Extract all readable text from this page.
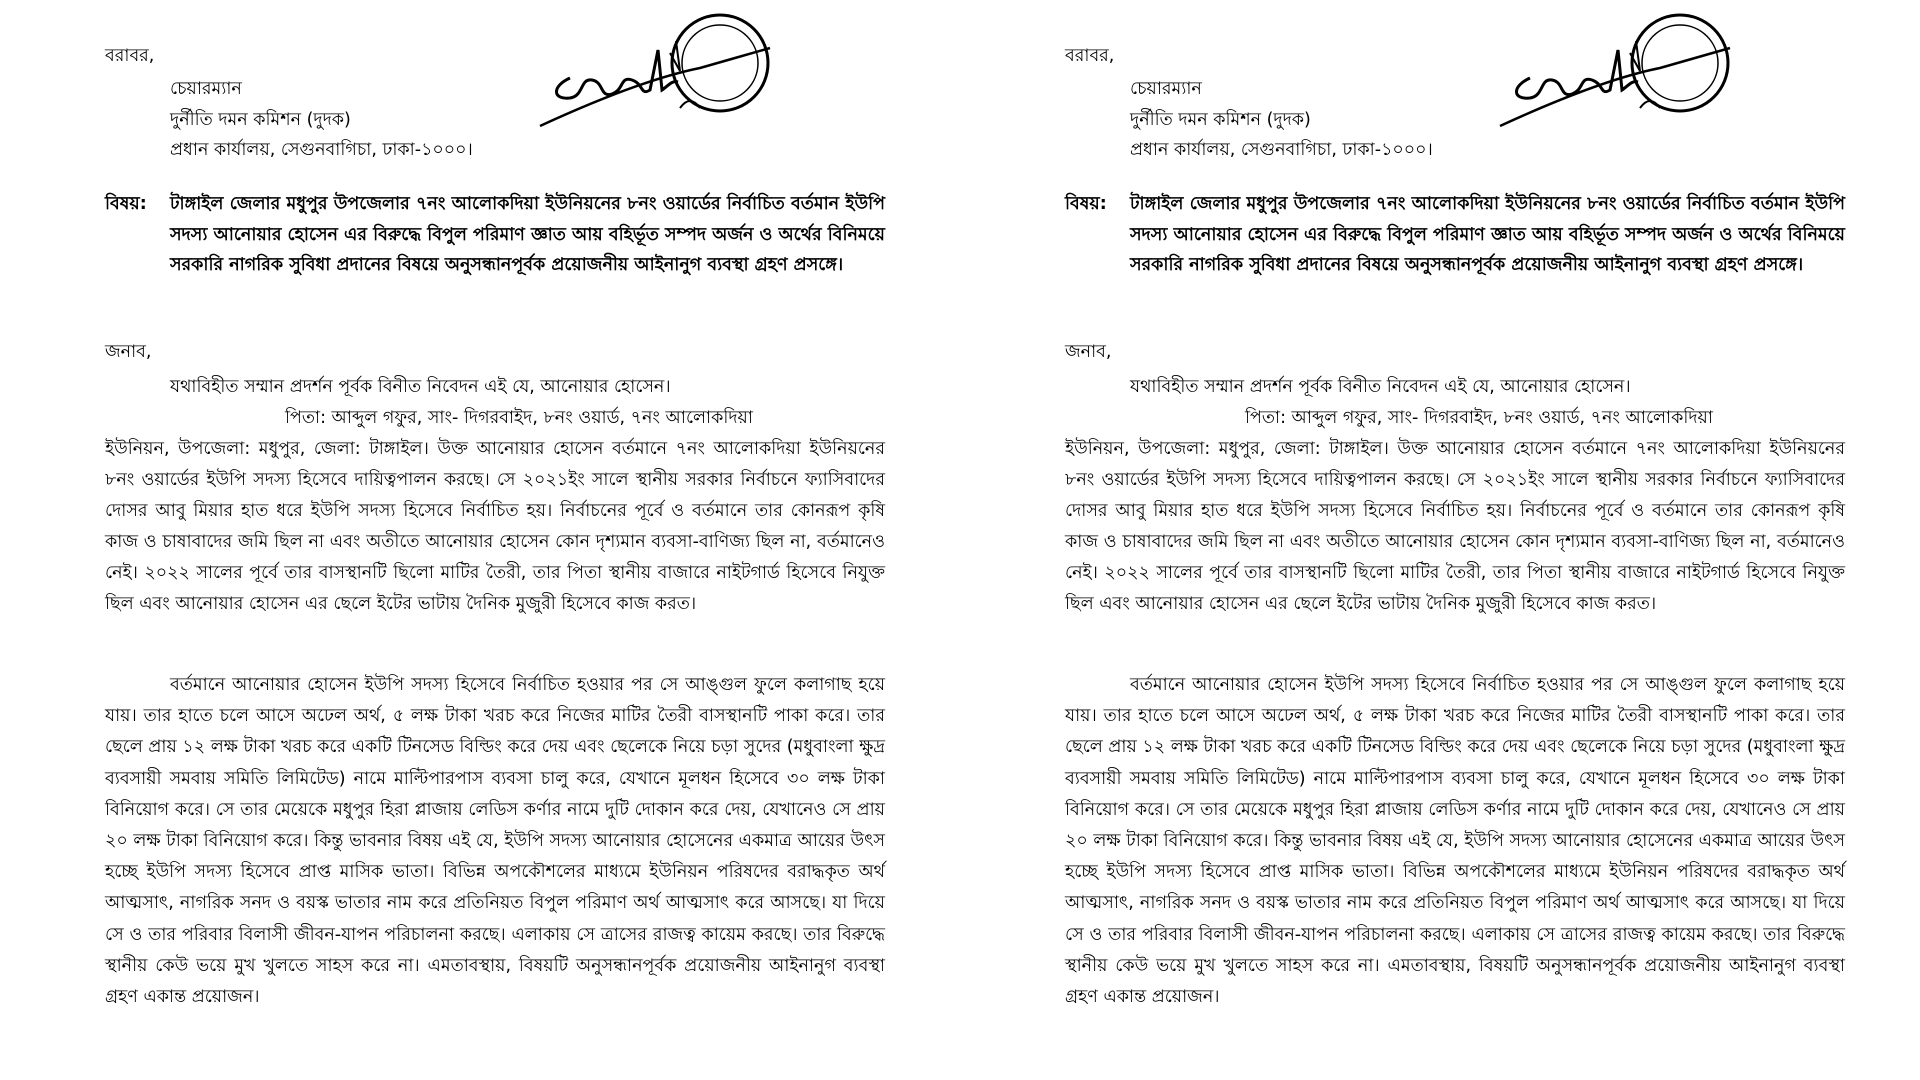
বরাবর,
চেয়ারম্যান
দুর্নীতি দমন কমিশন (দুদক)
প্রধান কার্যালয়, সেগুনবাগিচা, ঢাকা-১০০০।
বিষয়:	টাঙ্গাইল জেলার মধুপুর উপজেলার ৭নং আলোকদিয়া ইউনিয়নের ৮নং ওয়ার্ডের নির্বাচিত বর্তমান ইউপি সদস্য আনোয়ার হোসেন এর বিরুদ্ধে বিপুল পরিমাণ জ্ঞাত আয় বহির্ভূত সম্পদ অর্জন ও অর্থের বিনিময়ে সরকারি নাগরিক সুবিধা প্রদানের বিষয়ে অনুসন্ধানপূর্বক প্রয়োজনীয় আইনানুগ ব্যবস্থা গ্রহণ প্রসঙ্গে।
জনাব,
যথাবিহীত সম্মান প্রদর্শন পূর্বক বিনীত নিবেদন এই যে, আনোয়ার হোসেন।
পিতা: আব্দুল গফুর, সাং- দিগরবাইদ, ৮নং ওয়ার্ড, ৭নং আলোকদিয়া
ইউনিয়ন, উপজেলা: মধুপুর, জেলা: টাঙ্গাইল। উক্ত আনোয়ার হোসেন বর্তমানে ৭নং আলোকদিয়া ইউনিয়নের ৮নং ওয়ার্ডের ইউপি সদস্য হিসেবে দায়িত্বপালন করছে। সে ২০২১ইং সালে স্থানীয় সরকার নির্বাচনে ফ্যাসিবাদের দোসর আবু মিয়ার হাত ধরে ইউপি সদস্য হিসেবে নির্বাচিত হয়। নির্বাচনের পূর্বে ও বর্তমানে তার কোনরূপ কৃষি কাজ ও চাষাবাদের জমি ছিল না এবং অতীতে আনোয়ার হোসেন কোন দৃশ্যমান ব্যবসা-বাণিজ্য ছিল না, বর্তমানেও নেই। ২০২২ সালের পূর্বে তার বাসস্থানটি ছিলো মাটির তৈরী, তার পিতা স্থানীয় বাজারে নাইটগার্ড হিসেবে নিযুক্ত ছিল এবং আনোয়ার হোসেন এর ছেলে ইটের ভাটায় দৈনিক মুজুরী হিসেবে কাজ করত।
বর্তমানে আনোয়ার হোসেন ইউপি সদস্য হিসেবে নির্বাচিত হওয়ার পর সে আঙ্গুল ফুলে কলাগাছ হয়ে যায়। তার হাতে চলে আসে অঢেল অর্থ, ৫ লক্ষ টাকা খরচ করে নিজের মাটির তৈরী বাসস্থানটি পাকা করে। তার ছেলে প্রায় ১২ লক্ষ টাকা খরচ করে একটি টিনসেড বিল্ডিং করে দেয় এবং ছেলেকে নিয়ে চড়া সুদের (মধুবাংলা ক্ষুদ্র ব্যবসায়ী সমবায় সমিতি লিমিটেড) নামে মাল্টিপারপাস ব্যবসা চালু করে, যেখানে মূলধন হিসেবে ৩০ লক্ষ টাকা বিনিয়োগ করে। সে তার মেয়েকে মধুপুর হিরা প্লাজায় লেডিস কর্ণার নামে দুটি দোকান করে দেয়, যেখানেও সে প্রায় ২০ লক্ষ টাকা বিনিয়োগ করে। কিন্তু ভাবনার বিষয় এই যে, ইউপি সদস্য আনোয়ার হোসেনের একমাত্র আয়ের উৎস হচ্ছে ইউপি সদস্য হিসেবে প্রাপ্ত মাসিক ভাতা। বিভিন্ন অপকৌশলের মাধ্যমে ইউনিয়ন পরিষদের বরাদ্ধকৃত অর্থ আত্মসাৎ, নাগরিক সনদ ও বয়স্ক ভাতার নাম করে প্রতিনিয়ত বিপুল পরিমাণ অর্থ আত্মসাৎ করে আসছে। যা দিয়ে সে ও তার পরিবার বিলাসী জীবন-যাপন পরিচালনা করছে। এলাকায় সে ত্রাসের রাজত্ব কায়েম করছে। তার বিরুদ্ধে স্থানীয় কেউ ভয়ে মুখ খুলতে সাহস করে না। এমতাবস্থায়, বিষয়টি অনুসন্ধানপূর্বক প্রয়োজনীয় আইনানুগ ব্যবস্থা গ্রহণ একান্ত প্রয়োজন।
বরাবর,
চেয়ারম্যান
দুর্নীতি দমন কমিশন (দুদক)
প্রধান কার্যালয়, সেগুনবাগিচা, ঢাকা-১০০০।
বিষয়:	টাঙ্গাইল জেলার মধুপুর উপজেলার ৭নং আলোকদিয়া ইউনিয়নের ৮নং ওয়ার্ডের নির্বাচিত বর্তমান ইউপি সদস্য আনোয়ার হোসেন এর বিরুদ্ধে বিপুল পরিমাণ জ্ঞাত আয় বহির্ভূত সম্পদ অর্জন ও অর্থের বিনিময়ে সরকারি নাগরিক সুবিধা প্রদানের বিষয়ে অনুসন্ধানপূর্বক প্রয়োজনীয় আইনানুগ ব্যবস্থা গ্রহণ প্রসঙ্গে।
জনাব,
যথাবিহীত সম্মান প্রদর্শন পূর্বক বিনীত নিবেদন এই যে, আনোয়ার হোসেন।
পিতা: আব্দুল গফুর, সাং- দিগরবাইদ, ৮নং ওয়ার্ড, ৭নং আলোকদিয়া
ইউনিয়ন, উপজেলা: মধুপুর, জেলা: টাঙ্গাইল। উক্ত আনোয়ার হোসেন বর্তমানে ৭নং আলোকদিয়া ইউনিয়নের ৮নং ওয়ার্ডের ইউপি সদস্য হিসেবে দায়িত্বপালন করছে। সে ২০২১ইং সালে স্থানীয় সরকার নির্বাচনে ফ্যাসিবাদের দোসর আবু মিয়ার হাত ধরে ইউপি সদস্য হিসেবে নির্বাচিত হয়। নির্বাচনের পূর্বে ও বর্তমানে তার কোনরূপ কৃষি কাজ ও চাষাবাদের জমি ছিল না এবং অতীতে আনোয়ার হোসেন কোন দৃশ্যমান ব্যবসা-বাণিজ্য ছিল না, বর্তমানেও নেই। ২০২২ সালের পূর্বে তার বাসস্থানটি ছিলো মাটির তৈরী, তার পিতা স্থানীয় বাজারে নাইটগার্ড হিসেবে নিযুক্ত ছিল এবং আনোয়ার হোসেন এর ছেলে ইটের ভাটায় দৈনিক মুজুরী হিসেবে কাজ করত।
বর্তমানে আনোয়ার হোসেন ইউপি সদস্য হিসেবে নির্বাচিত হওয়ার পর সে আঙ্গুল ফুলে কলাগাছ হয়ে যায়। তার হাতে চলে আসে অঢেল অর্থ, ৫ লক্ষ টাকা খরচ করে নিজের মাটির তৈরী বাসস্থানটি পাকা করে। তার ছেলে প্রায় ১২ লক্ষ টাকা খরচ করে একটি টিনসেড বিল্ডিং করে দেয় এবং ছেলেকে নিয়ে চড়া সুদের (মধুবাংলা ক্ষুদ্র ব্যবসায়ী সমবায় সমিতি লিমিটেড) নামে মাল্টিপারপাস ব্যবসা চালু করে, যেখানে মূলধন হিসেবে ৩০ লক্ষ টাকা বিনিয়োগ করে। সে তার মেয়েকে মধুপুর হিরা প্লাজায় লেডিস কর্ণার নামে দুটি দোকান করে দেয়, যেখানেও সে প্রায় ২০ লক্ষ টাকা বিনিয়োগ করে। কিন্তু ভাবনার বিষয় এই যে, ইউপি সদস্য আনোয়ার হোসেনের একমাত্র আয়ের উৎস হচ্ছে ইউপি সদস্য হিসেবে প্রাপ্ত মাসিক ভাতা। বিভিন্ন অপকৌশলের মাধ্যমে ইউনিয়ন পরিষদের বরাদ্ধকৃত অর্থ আত্মসাৎ, নাগরিক সনদ ও বয়স্ক ভাতার নাম করে প্রতিনিয়ত বিপুল পরিমাণ অর্থ আত্মসাৎ করে আসছে। যা দিয়ে সে ও তার পরিবার বিলাসী জীবন-যাপন পরিচালনা করছে। এলাকায় সে ত্রাসের রাজত্ব কায়েম করছে। তার বিরুদ্ধে স্থানীয় কেউ ভয়ে মুখ খুলতে সাহস করে না। এমতাবস্থায়, বিষয়টি অনুসন্ধানপূর্বক প্রয়োজনীয় আইনানুগ ব্যবস্থা গ্রহণ একান্ত প্রয়োজন।
